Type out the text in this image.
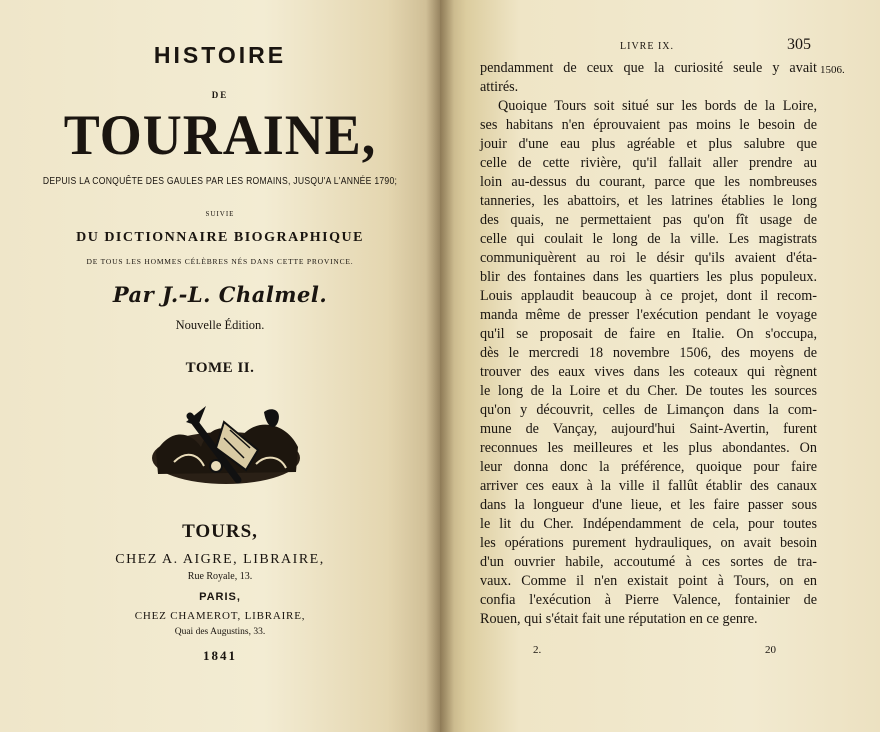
HISTOIRE
DE
TOURAINE,
DEPUIS LA CONQUÊTE DES GAULES PAR LES ROMAINS, JUSQU'A L'ANNÉE 1790;
SUIVIE
DU DICTIONNAIRE BIOGRAPHIQUE
DE TOUS LES HOMMES CÉLÈBRES NÉS DANS CETTE PROVINCE.
Par J.-L. Chalmel.
Nouvelle Édition.
TOME II.
TOURS,
CHEZ A. AIGRE, LIBRAIRE,
Rue Royale, 13.
PARIS,
CHEZ CHAMEROT, LIBRAIRE,
Quai des Augustins, 33.
1841
LIVRE IX.	305
1506.
pendamment de ceux que la curiosité seule y avait
attirés.
Quoique Tours soit situé sur les bords de la Loire,
ses habitans n'en éprouvaient pas moins le besoin de
jouir d'une eau plus agréable et plus salubre que
celle de cette rivière, qu'il fallait aller prendre au
loin au-dessus du courant, parce que les nombreuses
tanneries, les abattoirs, et les latrines établies le long
des quais, ne permettaient pas qu'on fît usage de
celle qui coulait le long de la ville. Les magistrats
communiquèrent au roi le désir qu'ils avaient d'éta-
blir des fontaines dans les quartiers les plus populeux.
Louis applaudit beaucoup à ce projet, dont il recom-
manda même de presser l'exécution pendant le voyage
qu'il se proposait de faire en Italie. On s'occupa,
dès le mercredi 18 novembre 1506, des moyens de
trouver des eaux vives dans les coteaux qui règnent
le long de la Loire et du Cher. De toutes les sources
qu'on y découvrit, celles de Limançon dans la com-
mune de Vançay, aujourd'hui Saint-Avertin, furent
reconnues les meilleures et les plus abondantes. On
leur donna donc la préférence, quoique pour faire
arriver ces eaux à la ville il fallût établir des canaux
dans la longueur d'une lieue, et les faire passer sous
le lit du Cher. Indépendamment de cela, pour toutes
les opérations purement hydrauliques, on avait besoin
d'un ouvrier habile, accoutumé à ces sortes de tra-
vaux. Comme il n'en existait point à Tours, on en
confia l'exécution à Pierre Valence, fontainier de
Rouen, qui s'était fait une réputation en ce genre.
2.	20
